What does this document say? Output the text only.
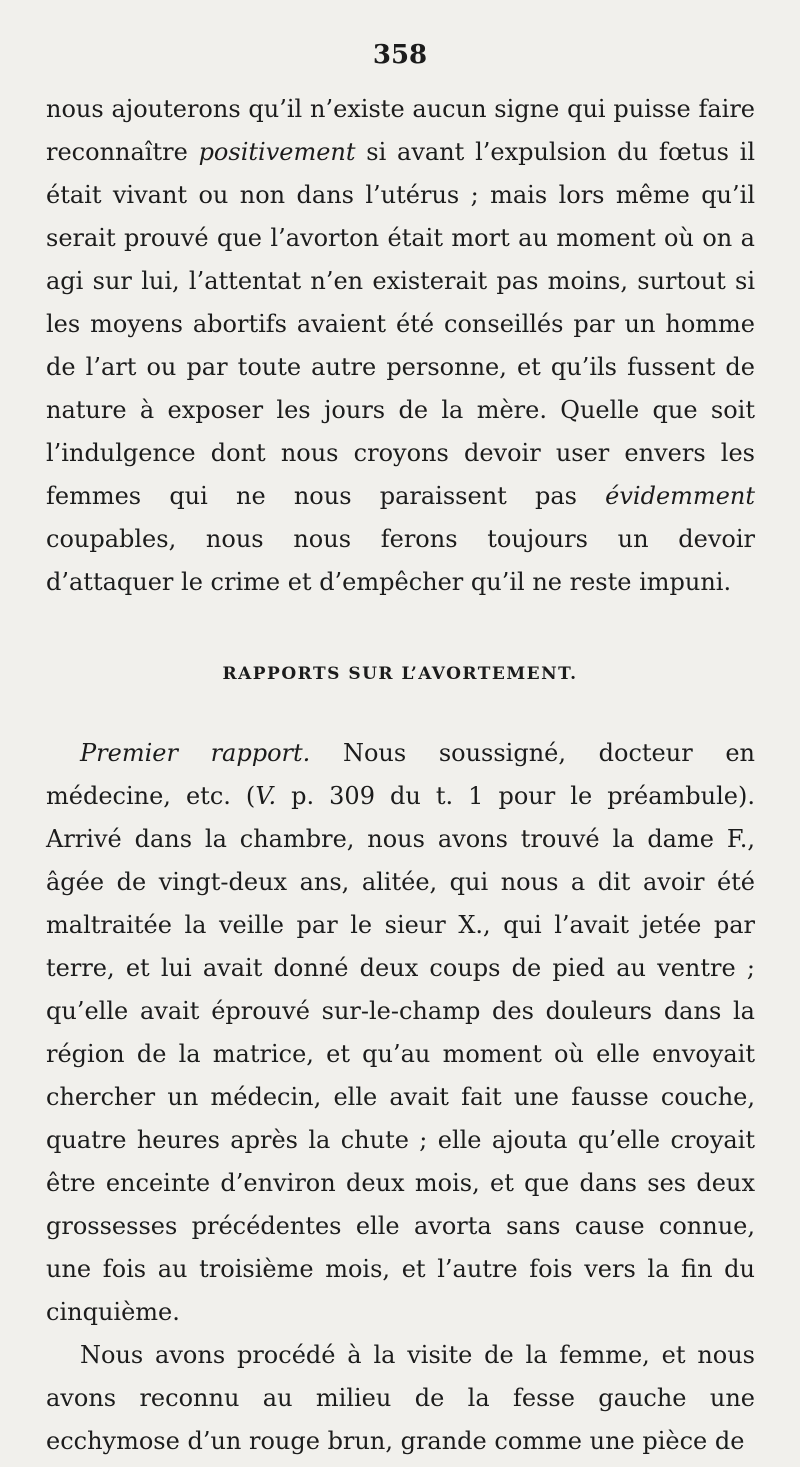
358

nous ajouterons qu’il n’existe aucun signe qui puisse faire reconnaître positivement si avant l’expulsion du fœtus il était vivant ou non dans l’utérus ; mais lors même qu’il serait prouvé que l’avorton était mort au moment où on a agi sur lui, l’attentat n’en existerait pas moins, surtout si les moyens abortifs avaient été conseillés par un homme de l’art ou par toute autre personne, et qu’ils fussent de nature à exposer les jours de la mère. Quelle que soit l’indulgence dont nous croyons devoir user envers les femmes qui ne nous paraissent pas évidemment coupables, nous nous ferons toujours un devoir d’attaquer le crime et d’empêcher qu’il ne reste impuni.

RAPPORTS SUR L’AVORTEMENT.

Premier rapport. Nous soussigné, docteur en médecine, etc. (V. p. 309 du t. 1 pour le préambule). Arrivé dans la chambre, nous avons trouvé la dame F., âgée de vingt-deux ans, alitée, qui nous a dit avoir été maltraitée la veille par le sieur X., qui l’avait jetée par terre, et lui avait donné deux coups de pied au ventre ; qu’elle avait éprouvé sur-le-champ des douleurs dans la région de la matrice, et qu’au moment où elle envoyait chercher un médecin, elle avait fait une fausse couche, quatre heures après la chute ; elle ajouta qu’elle croyait être enceinte d’environ deux mois, et que dans ses deux grossesses précédentes elle avorta sans cause connue, une fois au troisième mois, et l’autre fois vers la fin du cinquième.

Nous avons procédé à la visite de la femme, et nous avons reconnu au milieu de la fesse gauche une ecchymose d’un rouge brun, grande comme une pièce de
